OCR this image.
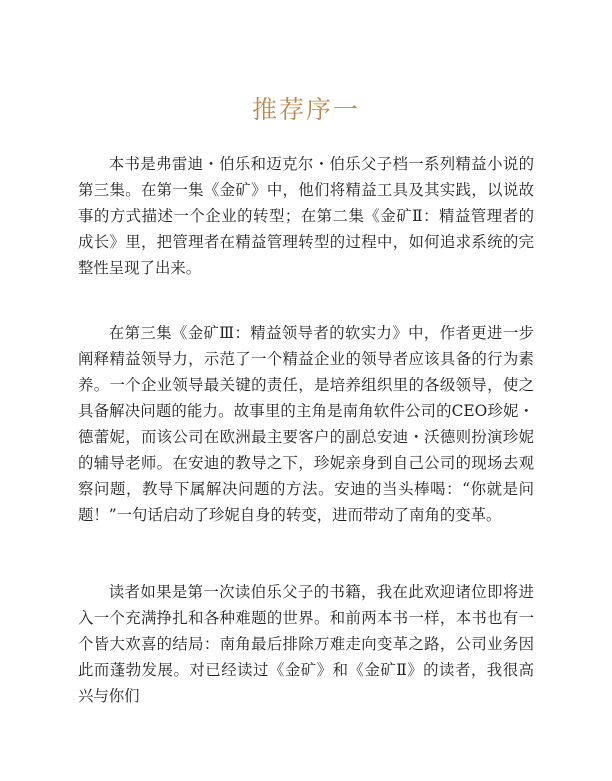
推荐序一

本书是弗雷迪・伯乐和迈克尔・伯乐父子档一系列精益小说的第三集。在第一集《金矿》中，他们将精益工具及其实践，以说故事的方式描述一个企业的转型；在第二集《金矿Ⅱ：精益管理者的成长》里，把管理者在精益管理转型的过程中，如何追求系统的完整性呈现了出来。

在第三集《金矿Ⅲ：精益领导者的软实力》中，作者更进一步阐释精益领导力，示范了一个精益企业的领导者应该具备的行为素养。一个企业领导最关键的责任，是培养组织里的各级领导，使之具备解决问题的能力。故事里的主角是南角软件公司的CEO珍妮・德蕾妮，而该公司在欧洲最主要客户的副总安迪・沃德则扮演珍妮的辅导老师。在安迪的教导之下，珍妮亲身到自己公司的现场去观察问题，教导下属解决问题的方法。安迪的当头棒喝：“你就是问题！”一句话启动了珍妮自身的转变，进而带动了南角的变革。

读者如果是第一次读伯乐父子的书籍，我在此欢迎诸位即将进入一个充满挣扎和各种难题的世界。和前两本书一样，本书也有一个皆大欢喜的结局：南角最后排除万难走向变革之路，公司业务因此而蓬勃发展。对已经读过《金矿》和《金矿Ⅱ》的读者，我很高兴与你们
